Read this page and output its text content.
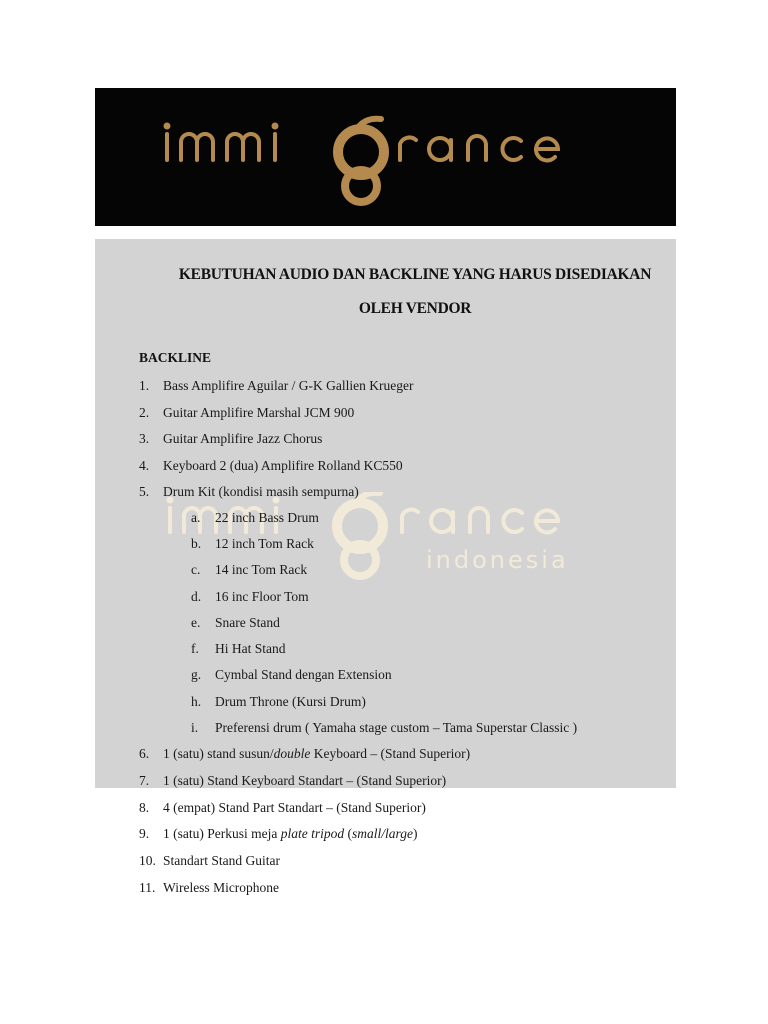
indonesia
KEBUTUHAN AUDIO DAN BACKLINE YANG HARUS DISEDIAKAN
OLEH VENDOR
BACKLINE
1. Bass Amplifire Aguilar / G-K Gallien Krueger
2. Guitar Amplifire Marshal JCM 900
3. Guitar Amplifire Jazz Chorus
4. Keyboard 2 (dua) Amplifire Rolland KC550
5. Drum Kit (kondisi masih sempurna)
a. 22 inch Bass Drum
b. 12 inch Tom Rack
c. 14 inc Tom Rack
d. 16 inc Floor Tom
e. Snare Stand
f. Hi Hat Stand
g. Cymbal Stand dengan Extension
h. Drum Throne (Kursi Drum)
i. Preferensi drum ( Yamaha stage custom – Tama Superstar Classic )
6. 1 (satu) stand susun/double Keyboard – (Stand Superior)
7. 1 (satu) Stand Keyboard Standart – (Stand Superior)
8. 4 (empat) Stand Part Standart – (Stand Superior)
9. 1 (satu) Perkusi meja plate tripod (small/large)
10. Standart Stand Guitar
11. Wireless Microphone
